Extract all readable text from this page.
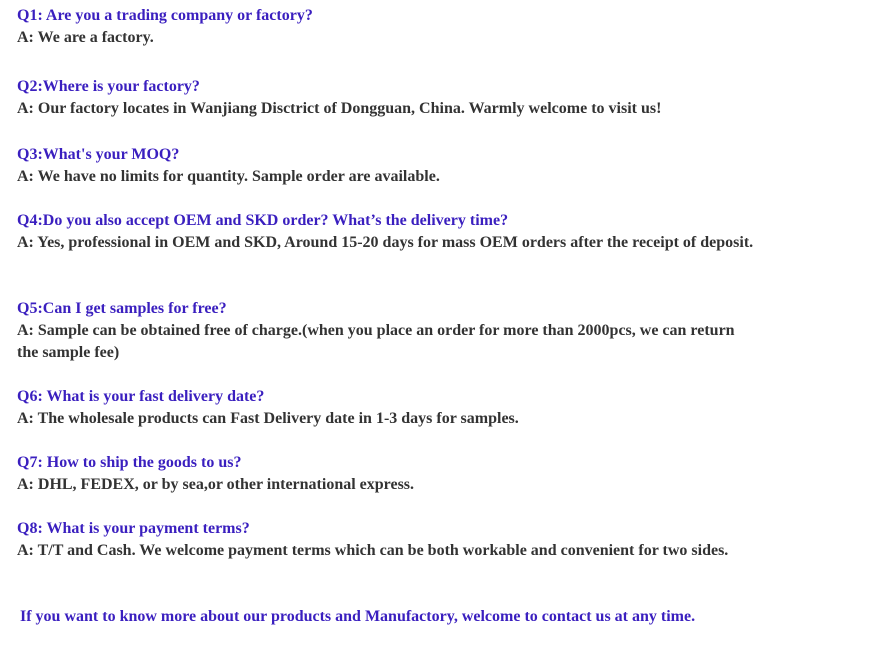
Q1: Are you a trading company or factory?

A: We are a factory.

Q2:Where is your factory?

A: Our factory locates in Wanjiang Disctrict of Dongguan, China. Warmly welcome to visit us!

Q3:What's your MOQ?

A: We have no limits for quantity. Sample order are available.

Q4:Do you also accept OEM and SKD order? What’s the delivery time?

A: Yes, professional in OEM and SKD, Around 15-20 days for mass OEM orders after the receipt of deposit.

Q5:Can I get samples for free?

A: Sample can be obtained free of charge.(when you place an order for more than 2000pcs, we can return the sample fee)

Q6: What is your fast delivery date?

A: The wholesale products can Fast Delivery date in 1-3 days for samples.

Q7: How to ship the goods to us?

A: DHL, FEDEX, or by sea,or other international express.

Q8: What is your payment terms?

A: T/T and Cash. We welcome payment terms which can be both workable and convenient for two sides.

If you want to know more about our products and Manufactory, welcome to contact us at any time.
